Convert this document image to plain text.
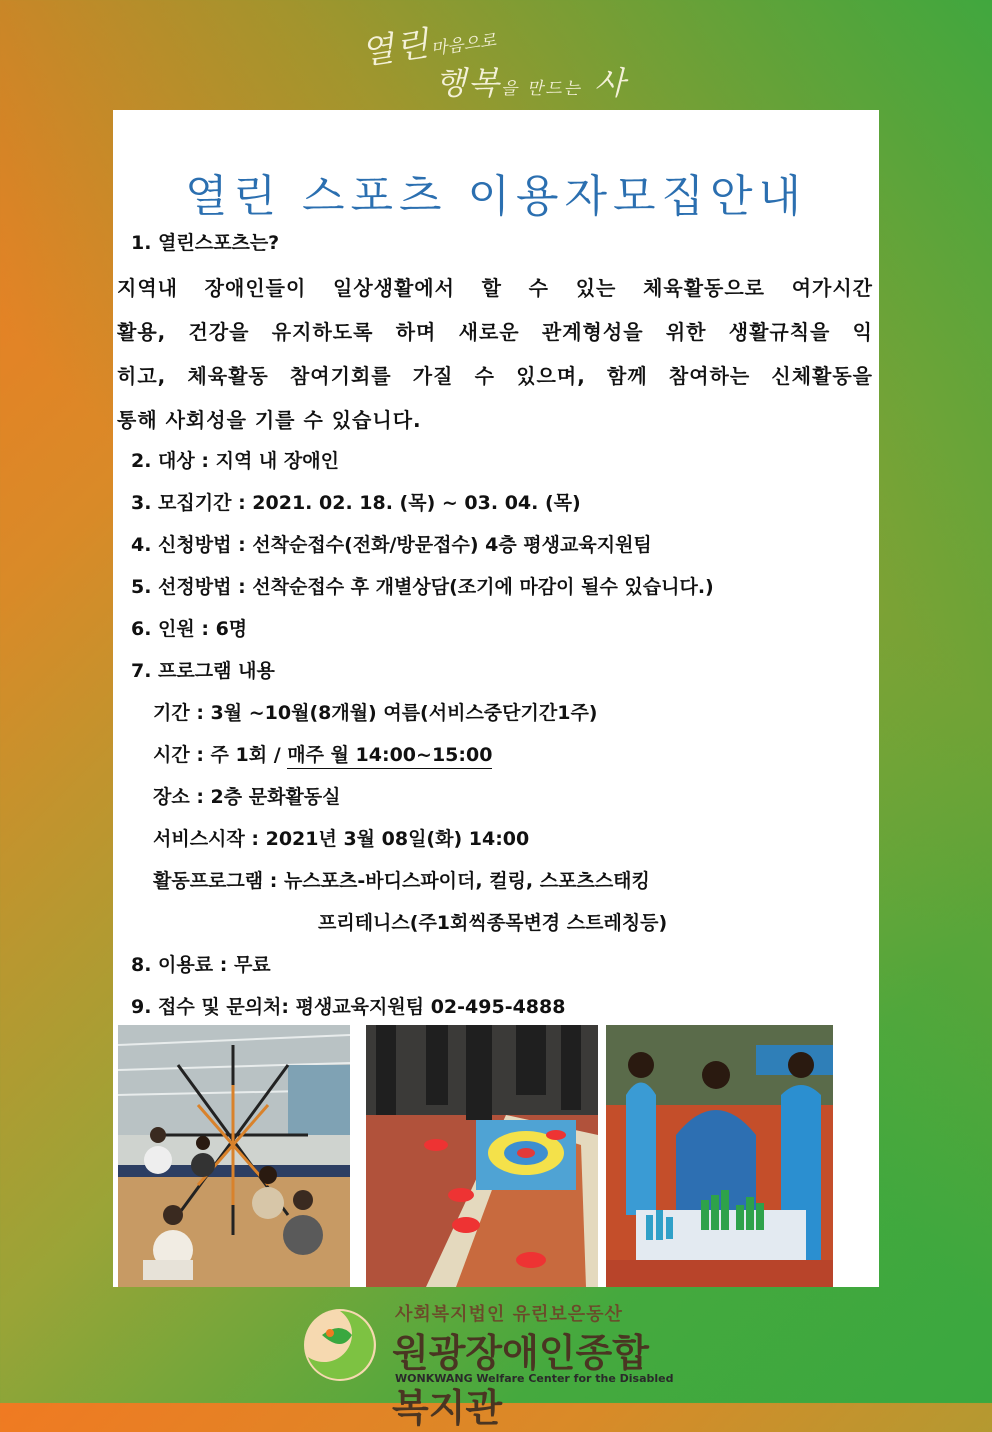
열린마음으로
행복을 만드는 사
열린 스포츠 이용자모집안내
1. 열린스포츠는?
지역내 장애인들이 일상생활에서 할 수 있는 체육활동으로 여가시간
활용, 건강을 유지하도록 하며 새로운 관계형성을 위한 생활규칙을 익
히고, 체육활동 참여기회를 가질 수 있으며, 함께 참여하는 신체활동을
통해 사회성을 기를 수 있습니다.
2. 대상 : 지역 내 장애인
3. 모집기간 : 2021. 02. 18. (목) ~ 03. 04. (목)
4. 신청방법 : 선착순접수(전화/방문접수) 4층 평생교육지원팀
5. 선정방법 : 선착순접수 후 개별상담(조기에 마감이 될수 있습니다.)
6. 인원 : 6명
7. 프로그램 내용
기간 : 3월 ~10월(8개월) 여름(서비스중단기간1주)
시간 : 주 1회 / 매주 월 14:00~15:00
장소 : 2층 문화활동실
서비스시작 : 2021년 3월 08일(화) 14:00
활동프로그램 : 뉴스포츠-바디스파이더, 컬링, 스포츠스태킹
프리테니스(주1회씩종목변경 스트레칭등)
8. 이용료 : 무료
9. 접수 및 문의처: 평생교육지원팀 02-495-4888
사회복지법인 유린보은동산
원광장애인종합복지관
WONKWANG Welfare Center for the Disabled
